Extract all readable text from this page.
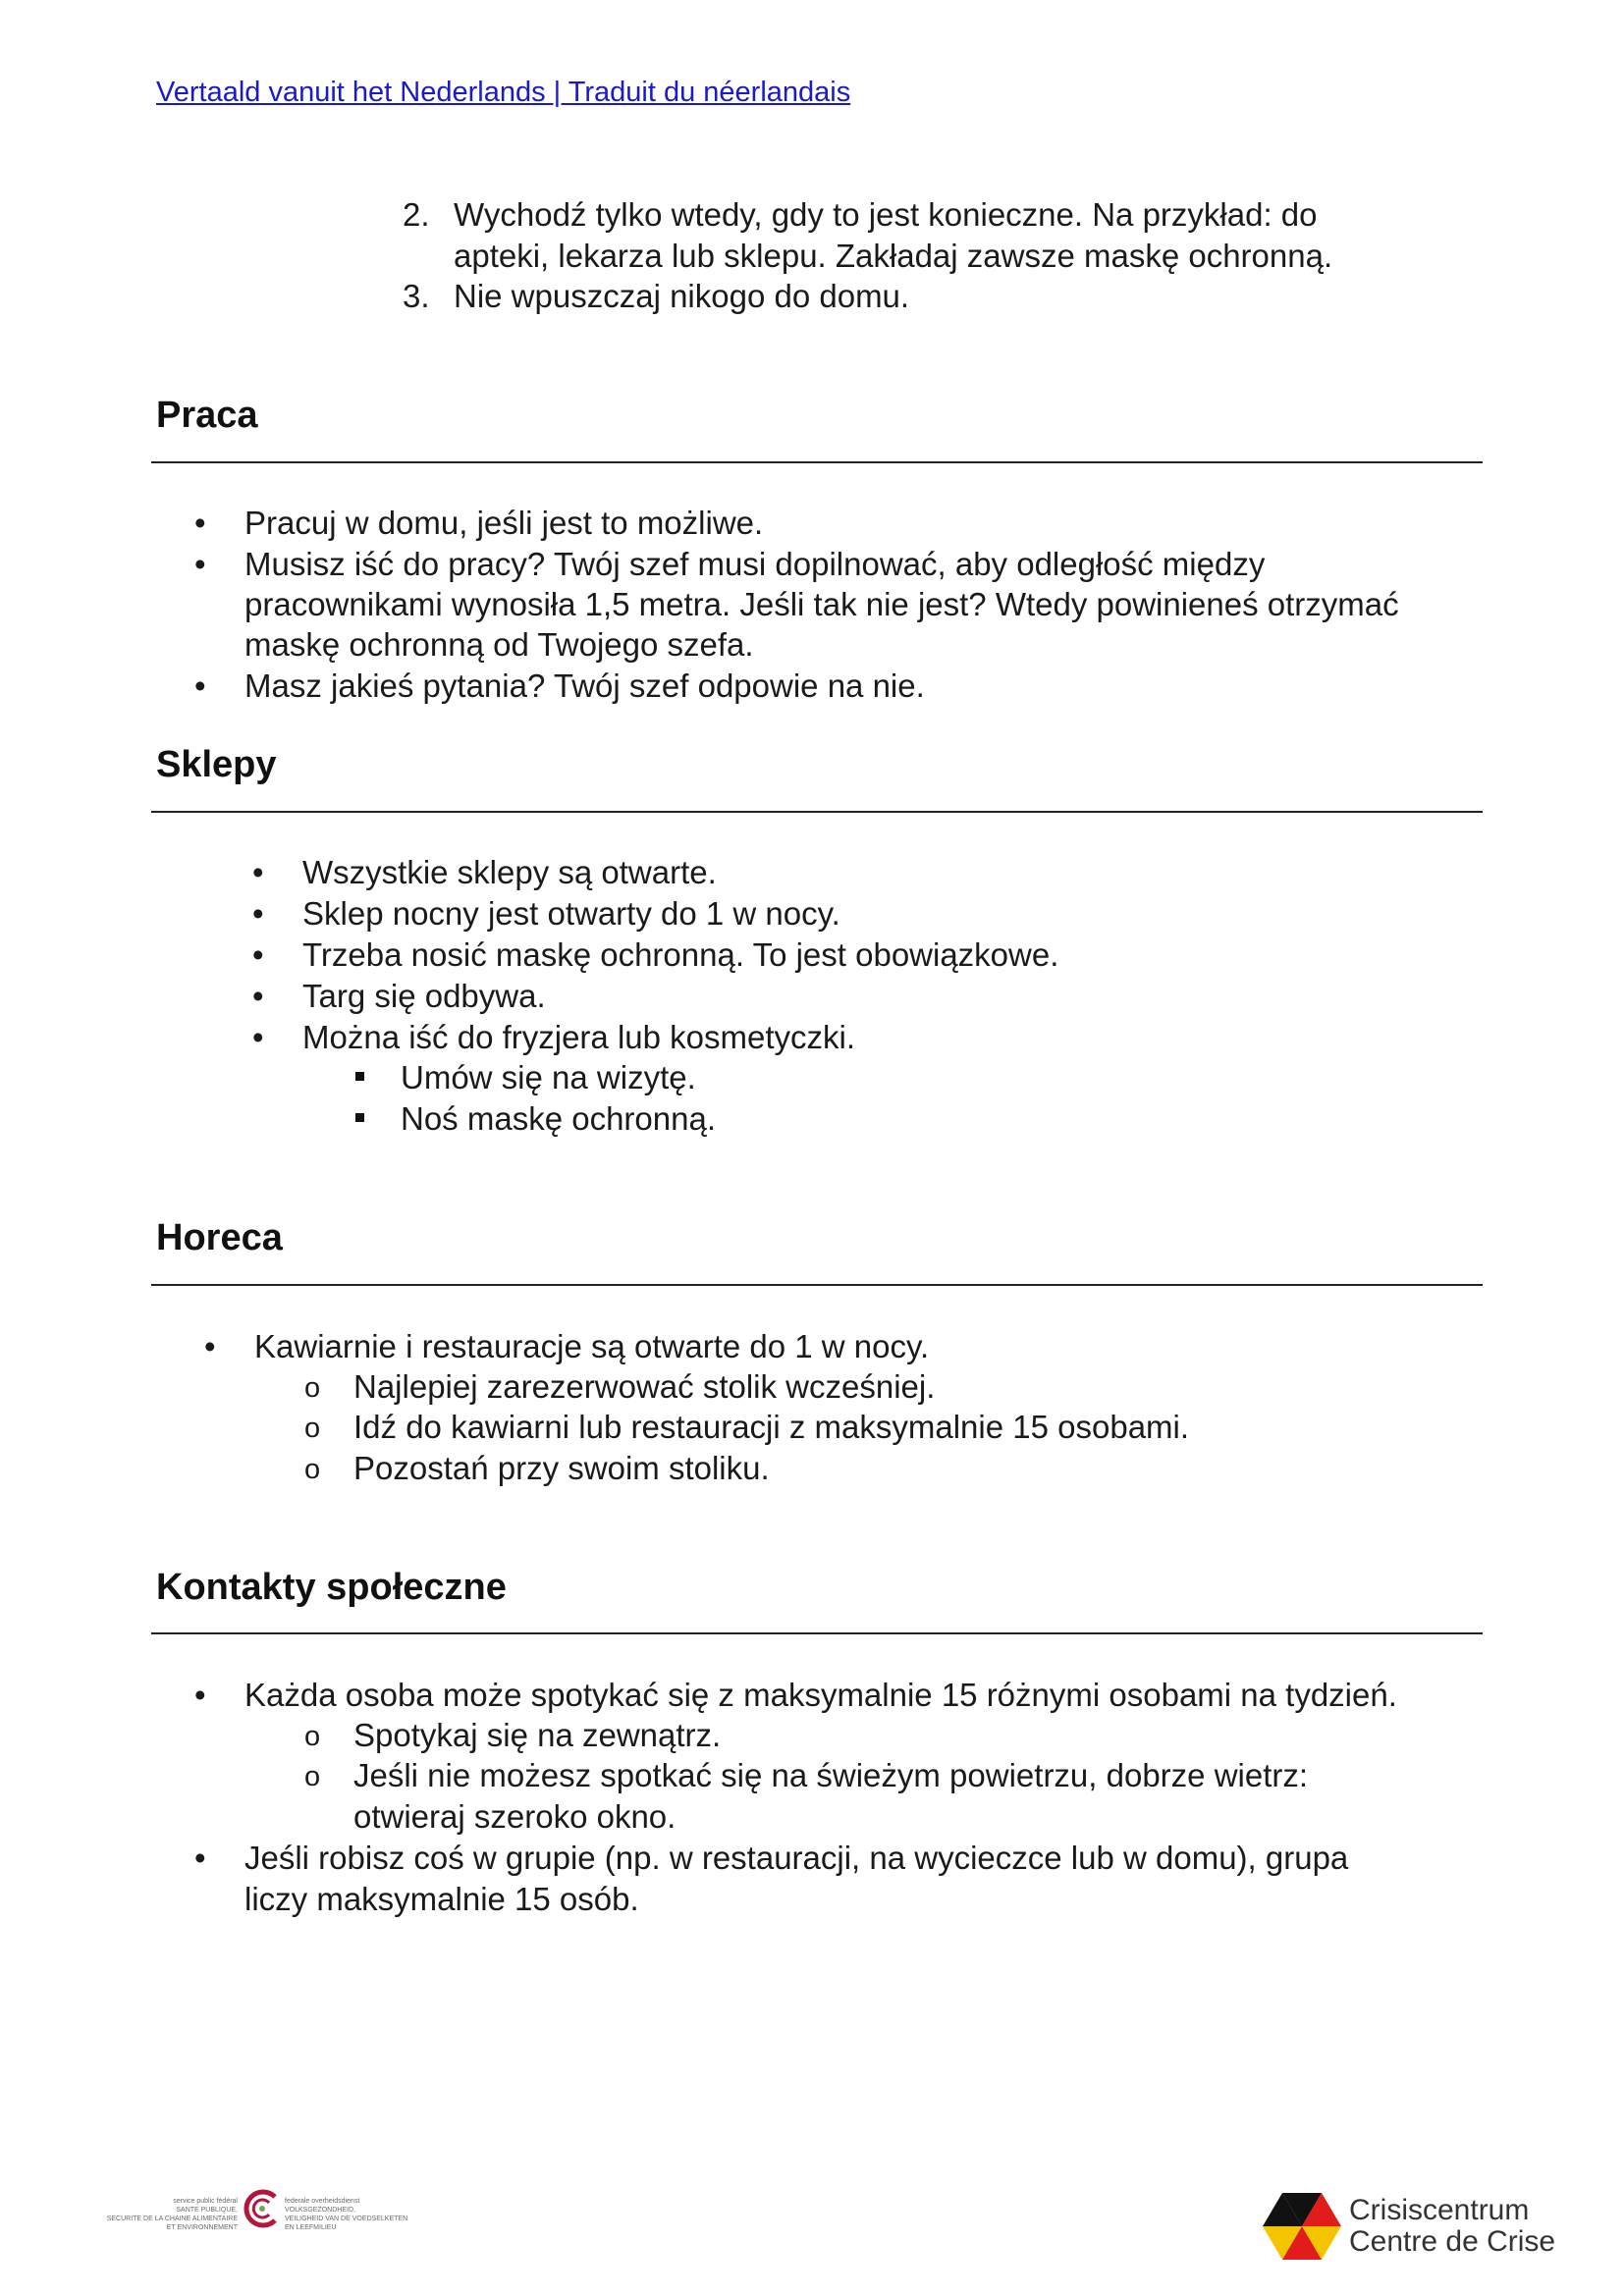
Vertaald vanuit het Nederlands | Traduit du néerlandais
2. Wychodź tylko wtedy, gdy to jest konieczne. Na przykład: do
apteki, lekarza lub sklepu. Zakładaj zawsze maskę ochronną.
3. Nie wpuszczaj nikogo do domu.
Praca
• Pracuj w domu, jeśli jest to możliwe.
• Musisz iść do pracy? Twój szef musi dopilnować, aby odległość między
pracownikami wynosiła 1,5 metra. Jeśli tak nie jest? Wtedy powinieneś otrzymać
maskę ochronną od Twojego szefa.
• Masz jakieś pytania? Twój szef odpowie na nie.
Sklepy
• Wszystkie sklepy są otwarte.
• Sklep nocny jest otwarty do 1 w nocy.
• Trzeba nosić maskę ochronną. To jest obowiązkowe.
• Targ się odbywa.
• Można iść do fryzjera lub kosmetyczki.
Umów się na wizytę.
Noś maskę ochronną.
Horeca
• Kawiarnie i restauracje są otwarte do 1 w nocy.
o Najlepiej zarezerwować stolik wcześniej.
o Idź do kawiarni lub restauracji z maksymalnie 15 osobami.
o Pozostań przy swoim stoliku.
Kontakty społeczne
• Każda osoba może spotykać się z maksymalnie 15 różnymi osobami na tydzień.
o Spotykaj się na zewnątrz.
o Jeśli nie możesz spotkać się na świeżym powietrzu, dobrze wietrz:
otwieraj szeroko okno.
• Jeśli robisz coś w grupie (np. w restauracji, na wycieczce lub w domu), grupa
liczy maksymalnie 15 osób.
service public fédéral
SANTE PUBLIQUE,
SECURITE DE LA CHAINE ALIMENTAIRE
ET ENVIRONNEMENT
federale overheidsdienst
VOLKSGEZONDHEID,
VEILIGHEID VAN DE VOEDSELKETEN
EN LEEFMILIEU
Crisiscentrum
Centre de Crise
